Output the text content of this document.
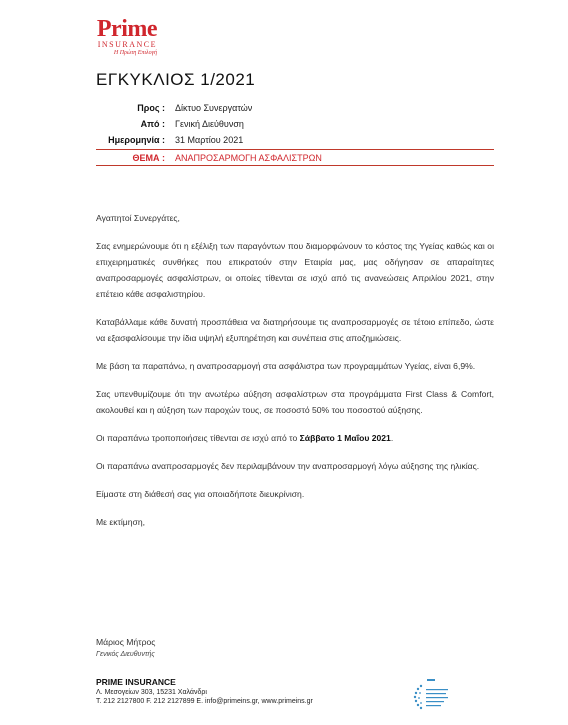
Prime
INSURANCE
Η Πρώτη Επιλογή
ΕΓΚΥΚΛΙΟΣ 1/2021
Προς : Δίκτυο Συνεργατών
Από : Γενική Διεύθυνση
Ημερομηνία : 31 Μαρτίου 2021
ΘΕΜΑ : ΑΝΑΠΡΟΣΑΡΜΟΓΗ ΑΣΦΑΛΙΣΤΡΩΝ

Αγαπητοί Συνεργάτες,

Σας ενημερώνουμε ότι η εξέλιξη των παραγόντων που διαμορφώνουν το κόστος της Υγείας καθώς και οι επιχειρηματικές συνθήκες που επικρατούν στην Εταιρία μας, μας οδήγησαν σε απαραίτητες αναπροσαρμογές ασφαλίστρων, οι οποίες τίθενται σε ισχύ από τις ανανεώσεις Απριλίου 2021, στην επέτειο κάθε ασφαλιστηρίου.

Καταβάλλαμε κάθε δυνατή προσπάθεια να διατηρήσουμε τις αναπροσαρμογές σε τέτοιο επίπεδο, ώστε να εξασφαλίσουμε την ίδια υψηλή εξυπηρέτηση και συνέπεια στις αποζημιώσεις.

Με βάση τα παραπάνω, η αναπροσαρμογή στα ασφάλιστρα των προγραμμάτων Υγείας, είναι 6,9%.

Σας υπενθυμίζουμε ότι την ανωτέρω αύξηση ασφαλίστρων στα προγράμματα First Class & Comfort, ακολουθεί και η αύξηση των παροχών τους, σε ποσοστό 50% του ποσοστού αύξησης.

Οι παραπάνω τροποποιήσεις τίθενται σε ισχύ από το Σάββατο 1 Μαΐου 2021.

Οι παραπάνω αναπροσαρμογές δεν περιλαμβάνουν την αναπροσαρμογή λόγω αύξησης της ηλικίας.

Είμαστε στη διάθεσή σας για οποιαδήποτε διευκρίνιση.

Με εκτίμηση,

Μάριος Μήτρος
Γενικός Διευθυντής
PRIME INSURANCE
Λ. Μεσογείων 303, 15231 Χαλάνδρι
Τ. 212 2127800 F. 212 2127899 E. info@primeins.gr, www.primeins.gr
